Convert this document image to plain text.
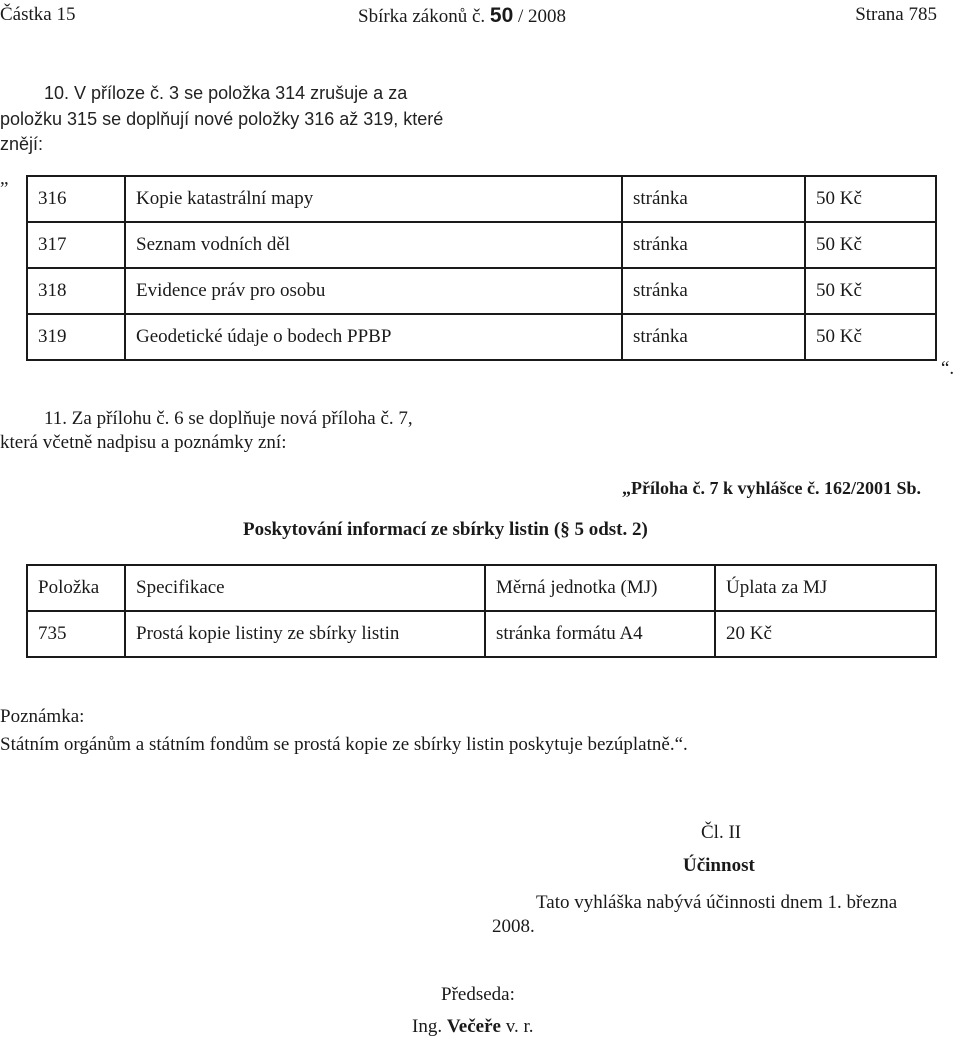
Částka 15	Sbírka zákonů č. 50 / 2008	Strana 785
10. V příloze č. 3 se položka 314 zrušuje a za
položku 315 se doplňují nové položky 316 až 319, které
znějí:
„
316	Kopie katastrální mapy	stránka	50 Kč
317	Seznam vodních děl	stránka	50 Kč
318	Evidence práv pro osobu	stránka	50 Kč
319	Geodetické údaje o bodech PPBP	stránka	50 Kč
“.
11. Za přílohu č. 6 se doplňuje nová příloha č. 7,
která včetně nadpisu a poznámky zní:
„Příloha č. 7 k vyhlášce č. 162/2001 Sb.
Poskytování informací ze sbírky listin (§ 5 odst. 2)
Položka	Specifikace	Měrná jednotka (MJ)	Úplata za MJ
735	Prostá kopie listiny ze sbírky listin	stránka formátu A4	20 Kč
Poznámka:
Státním orgánům a státním fondům se prostá kopie ze sbírky listin poskytuje bezúplatně.“.
Čl. II
Účinnost
Tato vyhláška nabývá účinnosti dnem 1. března
2008.
Předseda:
Ing. Večeře v. r.
